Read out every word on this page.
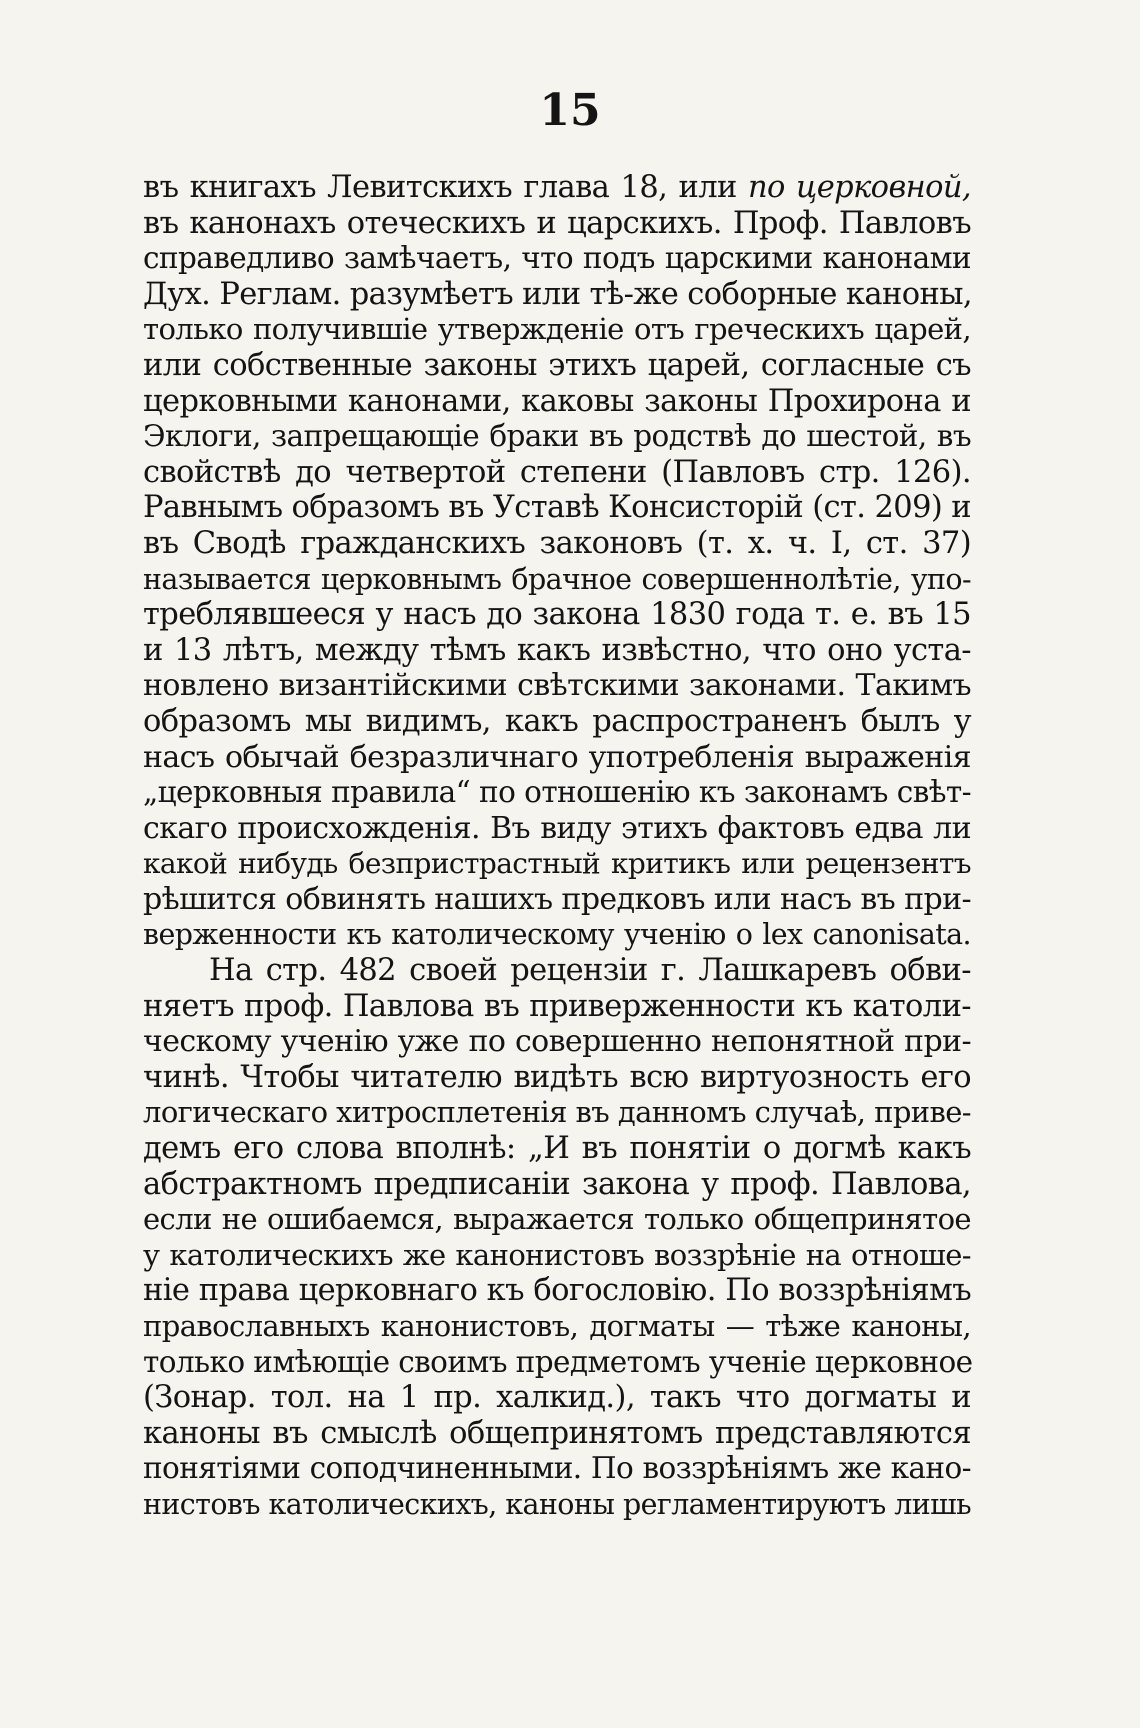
15
въ книгахъ Левитскихъ глава 18, или по церковной,
въ канонахъ отеческихъ и царскихъ. Проф. Павловъ
справедливо замѣчаетъ, что подъ царскими канонами
Дух. Реглам. разумѣетъ или тѣ-же соборные каноны,
только получившіе утвержденіе отъ греческихъ царей,
или собственные законы этихъ царей, согласные съ
церковными канонами, каковы законы Прохирона и
Эклоги, запрещающіе браки въ родствѣ до шестой, въ
свойствѣ до четвертой степени (Павловъ стр. 126).
Равнымъ образомъ въ Уставѣ Консисторій (ст. 209) и
въ Сводѣ гражданскихъ законовъ (т. х. ч. I, ст. 37)
называется церковнымъ брачное совершеннолѣтіе, упо-
треблявшееся у насъ до закона 1830 года т. е. въ 15
и 13 лѣтъ, между тѣмъ какъ извѣстно, что оно уста-
новлено византійскими свѣтскими законами. Такимъ
образомъ мы видимъ, какъ распространенъ былъ у
насъ обычай безразличнаго употребленія выраженія
„церковныя правила“ по отношенію къ законамъ свѣт-
скаго происхожденія. Въ виду этихъ фактовъ едва ли
какой нибудь безпристрастный критикъ или рецензентъ
рѣшится обвинять нашихъ предковъ или насъ въ при-
верженности къ католическому ученію о lex canonisata.
На стр. 482 своей рецензіи г. Лашкаревъ обви-
няетъ проф. Павлова въ приверженности къ католи-
ческому ученію уже по совершенно непонятной при-
чинѣ. Чтобы читателю видѣть всю виртуозность его
логическаго хитросплетенія въ данномъ случаѣ, приве-
демъ его слова вполнѣ: „И въ понятіи о догмѣ какъ
абстрактномъ предписаніи закона у проф. Павлова,
если не ошибаемся, выражается только общепринятое
у католическихъ же канонистовъ воззрѣніе на отноше-
ніе права церковнаго къ богословію. По воззрѣніямъ
православныхъ канонистовъ, догматы — тѣже каноны,
только имѣющіе своимъ предметомъ ученіе церковное
(Зонар. тол. на 1 пр. халкид.), такъ что догматы и
каноны въ смыслѣ общепринятомъ представляются
понятіями соподчиненными. По воззрѣніямъ же кано-
нистовъ католическихъ, каноны регламентируютъ лишь
